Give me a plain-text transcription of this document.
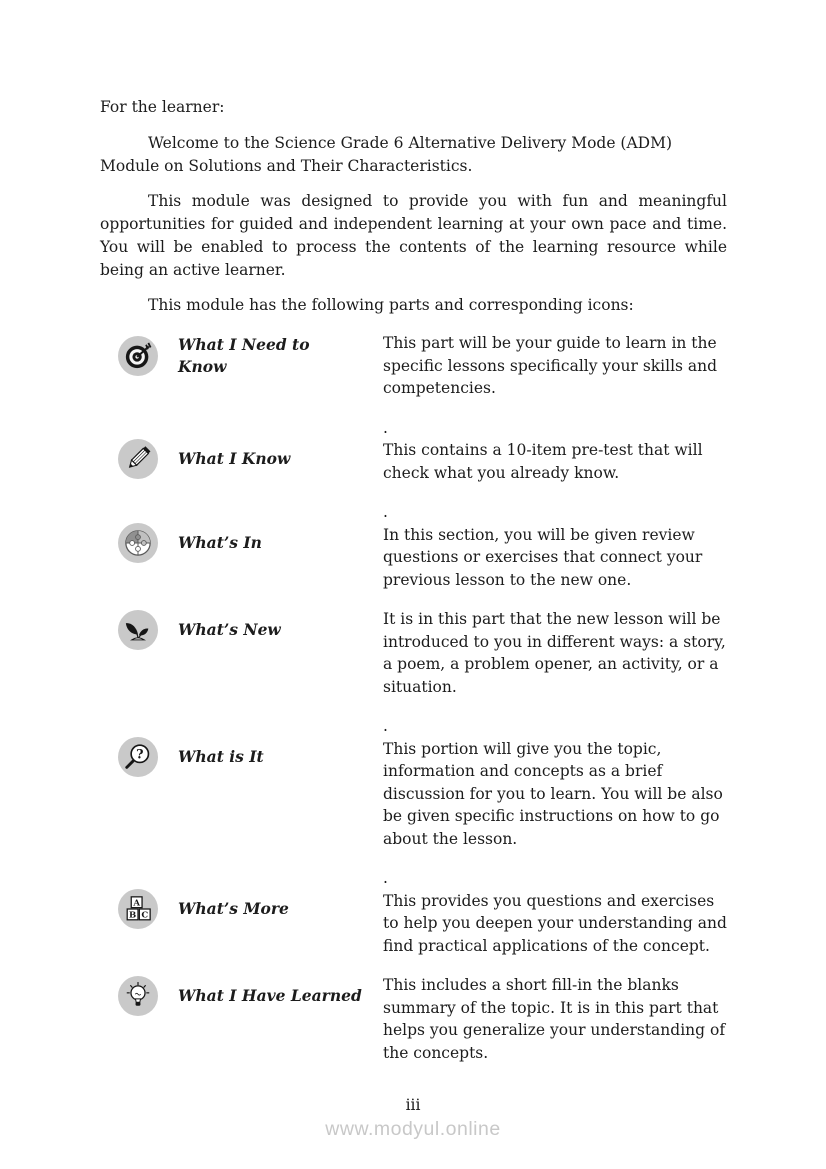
For the learner:

Welcome to the Science Grade 6 Alternative Delivery Mode (ADM) Module on Solutions and Their Characteristics.

This module was designed to provide you with fun and meaningful opportunities for guided and independent learning at your own pace and time. You will be enabled to process the contents of the learning resource while being an active learner.

This module has the following parts and corresponding icons:

What I Need to Know
This part will be your guide to learn in the specific lessons specifically your skills and competencies.
What I Know
.
This contains a 10-item pre-test that will check what you already know.
What’s In
.
In this section, you will be given review questions or exercises that connect your previous lesson to the new one.
What’s New
It is in this part that the new lesson will be introduced to you in different ways: a story, a poem, a problem opener, an activity, or a situation.
? What is It
.
This portion will give you the topic, information and concepts as a brief discussion for you to learn. You will be also be given specific instructions on how to go about the lesson.
A
B C What’s More
.
This provides you questions and exercises to help you deepen your understanding and find practical applications of the concept.
What I Have Learned
This includes a short fill-in the blanks summary of the topic. It is in this part that helps you generalize your understanding of the concepts.
iii
www.modyul.online
